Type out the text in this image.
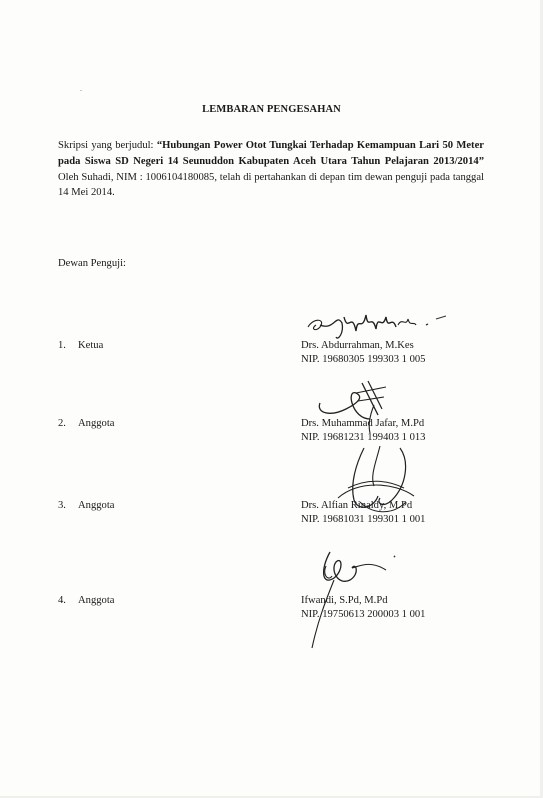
LEMBARAN PENGESAHAN
Skripsi yang berjudul: “Hubungan Power Otot Tungkai Terhadap Kemampuan Lari 50 Meter pada Siswa SD Negeri 14 Seunuddon Kabupaten Aceh Utara Tahun Pelajaran 2013/2014” Oleh Suhadi, NIM : 1006104180085, telah di pertahankan di depan tim dewan penguji pada tanggal 14 Mei 2014.
Dewan Penguji:
1. Ketua	Drs. Abdurrahman, M.Kes
NIP. 19680305 199303 1 005
2. Anggota	Drs. Muhammad Jafar, M.Pd
NIP. 19681231 199403 1 013
3. Anggota	Drs. Alfian Rinaldy, M.Pd
NIP. 19681031 199301 1 001
4. Anggota	Ifwandi, S.Pd, M.Pd
NIP. 19750613 200003 1 001
